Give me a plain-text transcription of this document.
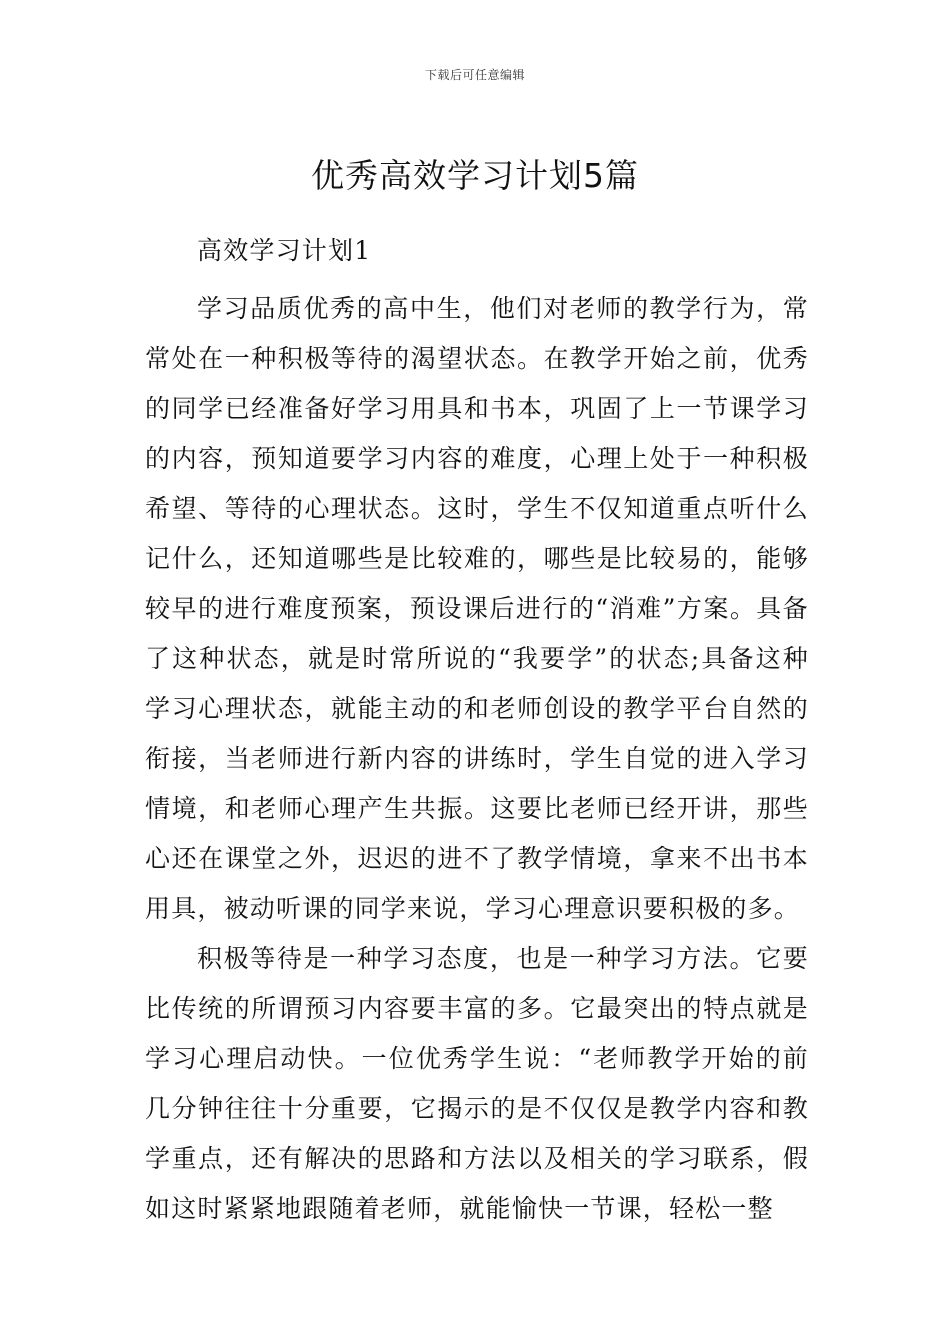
下载后可任意编辑
优秀高效学习计划5篇

高效学习计划1

学习品质优秀的高中生，他们对老师的教学行为，常常处在一种积极等待的渴望状态。在教学开始之前，优秀的同学已经准备好学习用具和书本，巩固了上一节课学习的内容，预知道要学习内容的难度，心理上处于一种积极希望、等待的心理状态。这时，学生不仅知道重点听什么记什么，还知道哪些是比较难的，哪些是比较易的，能够较早的进行难度预案，预设课后进行的“消难”方案。具备了这种状态，就是时常所说的“我要学”的状态;具备这种学习心理状态，就能主动的和老师创设的教学平台自然的衔接，当老师进行新内容的讲练时，学生自觉的进入学习情境，和老师心理产生共振。这要比老师已经开讲，那些心还在课堂之外，迟迟的进不了教学情境，拿来不出书本用具，被动听课的同学来说，学习心理意识要积极的多。

积极等待是一种学习态度，也是一种学习方法。它要比传统的所谓预习内容要丰富的多。它最突出的特点就是学习心理启动快。一位优秀学生说：“老师教学开始的前几分钟往往十分重要，它揭示的是不仅仅是教学内容和教学重点，还有解决的思路和方法以及相关的学习联系，假如这时紧紧地跟随着老师，就能愉快一节课，轻松一整
